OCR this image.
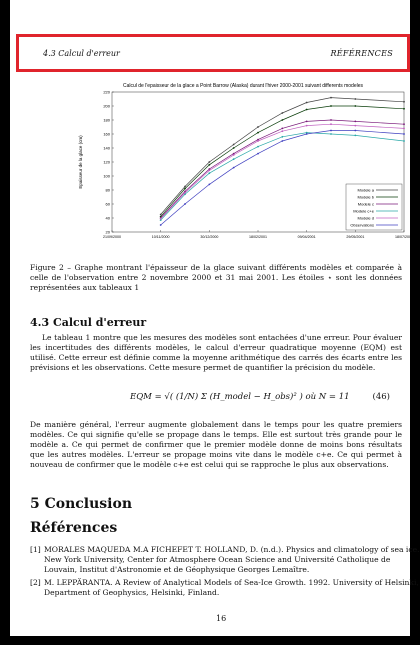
4.3 Calcul d'erreur	RÉFÉRENCES
Calcul de l'epaisseur de la glace a Point Barrow (Alaska) durant l'hiver 2000-2001 suivant differents modeles
20
40
60
80
100
120
140
160
180
200
220
21/09/2000	10/11/2000	30/12/2000	18/02/2001	09/04/2001	29/05/2001	18/07/2001
Epaisseur de la glace (cm)
Modele a
Modele b
Modele c
Modele c+e
Modele d
Observations
Figure 2 – Graphe montrant l'épaisseur de la glace suivant différents modèles et comparée à celle de l'observation entre 2 novembre 2000 et 31 mai 2001. Les étoiles ⋆ sont les données représentées aux tableaux 1
4.3 Calcul d'erreur
Le tableau 1 montre que les mesures des modèles sont entachées d'une erreur. Pour évaluer les incertitudes des différents modèles, le calcul d'erreur quadratique moyenne (EQM) est utilisé. Cette erreur est définie comme la moyenne arithmétique des carrés des écarts entre les prévisions et les observations. Cette mesure permet de quantifier la précision du modèle.
EQM = √( (1/N) Σ (H_model − H_obs)² ) où N = 11	(46)
De manière général, l'erreur augmente globalement dans le temps pour les quatre premiers modèles. Ce qui signifie qu'elle se propage dans le temps. Elle est surtout très grande pour le modèle a. Ce qui permet de confirmer que le premier modèle donne de moins bons résultats que les autres modèles. L'erreur se propage moins vite dans le modèle c+e. Ce qui permet à nouveau de confirmer que le modèle c+e est celui qui se rapproche le plus aux observations.
5 Conclusion
Références
[1] MORALES MAQUEDA M.A FICHEFET T. HOLLAND, D. (n.d.). Physics and climatology of sea ice. New York University, Center for Atmosphere Ocean Science and Université Catholique de Louvain, Institut d'Astronomie et de Géophysique Georges Lemaître.
[2] M. LEPPÄRANTA. A Review of Analytical Models of Sea-Ice Growth. 1992. University of Helsinki, Department of Geophysics, Helsinki, Finland.
16
